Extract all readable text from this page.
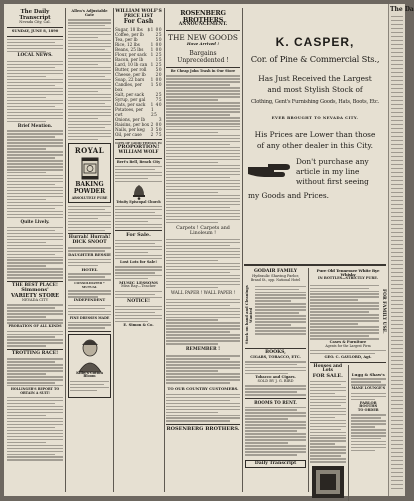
The Daily Transcript
Nevada City, Cal.
SUNDAY, JUNE 8, 1890
LOCAL NEWS.
Brief Mention.
Quite Lively.
THE BEST PLACE!
Simmons'
VARIETY STORE
NEVADA CITY
PROBATION OF ALL KINDS
TROTTING RACE!
HOLLINGER'S REPORT TO OBTAIN A SUIT!
Allen's Adjustable Gate
ROYAL
BAKING
POWDER
ABSOLUTELY PURE
Hurrah! Hurrah!
DICK SNOOT
DAUGHTER BESSIE
HOTEL
CONSOLIDATED * MUTUAL
INDEPENDENT
FINE DRESSES MADE
Kilby's Cotton Bloom
WILLIAM WOLF'S
PRICE LIST
For Cash
Sugar, 18 lbs $1 00
Coffee, per lb	25
Tea, per lb	50
Rice, 12 lbs	1 00
Beans, 25 lbs 1 00
Flour, per sack 1 25
Bacon, per lb	15
Lard, 10 lb can 1 25
Butter, per roll 50
Cheese, per lb 20
Soap, 22 bars 1 00
Candles, per box
1 50
Salt, per sack	25
Syrup, per gal 75
Oats, per sack 1 40
Potatoes, per cwt
1 25
Onions, per lb	3
Raisins, per box 2 00
Nails, per keg 3 50
Oil, per case 2 75
LOTS OF GOOD THINGS IN
PROPORTION!
WILLIAM WOLF
Bert's Bell, Bench City
Trinity Episcopal Church
For Sale.
Lost Lots for Sale!
MUSIC LESSONS
Miss Ray—Teacher
NOTICE!
E. Simon & Co.
ROSENBERG BROTHERS
ANNOUNCEMENT.
THE NEW GOODS
Have Arrived !
Bargains Unprecedented !
Be Cheap John Trash in Our Store
Carpets ! Carpets and Linoleum !
WALL PAPER ! WALL PAPER !
REMEMBER !
TO OUR COUNTRY CUSTOMERS.
ROSENBERG BROTHERS.
K. CASPER,
Cor. of Pine & Commercial Sts.,
Has Just Received the Largest
and most Stylish Stock of
Clothing, Gent's Furnishing Goods, Hats, Boots, Etc.
EVER BROUGHT TO NEVADA CITY.
His Prices are Lower than those
of any other dealer in this City.
Don't purchase any
article in my line
without first seeing
my Goods and Prices.
GODAIR FAMILY
Hydraulic Shaving Parlor,
Brand St., opp. National Hotel
Stock on hand and Cleanings Wanted
BOOKS,
CIGARS, TOBACCO, ETC.
Tobacco and Cigars.
SOLD BY J. G. BIRD
ROOMS TO RENT.
Daily Transcript
Pure Old Tennessee White Rye Whisky
IN BOTTLES—STRICTLY PURE.
FOR FAMILY USE.
Cases & Furniture
Agents for the Largest Firm
GEO. C. GAYLORD, Agt.
Houses and Lots
FOR SALE.	Lugg & Shaw's
MANE LOUNGE'S
PARLOR BOOTHS
TO ORDER
The Da
